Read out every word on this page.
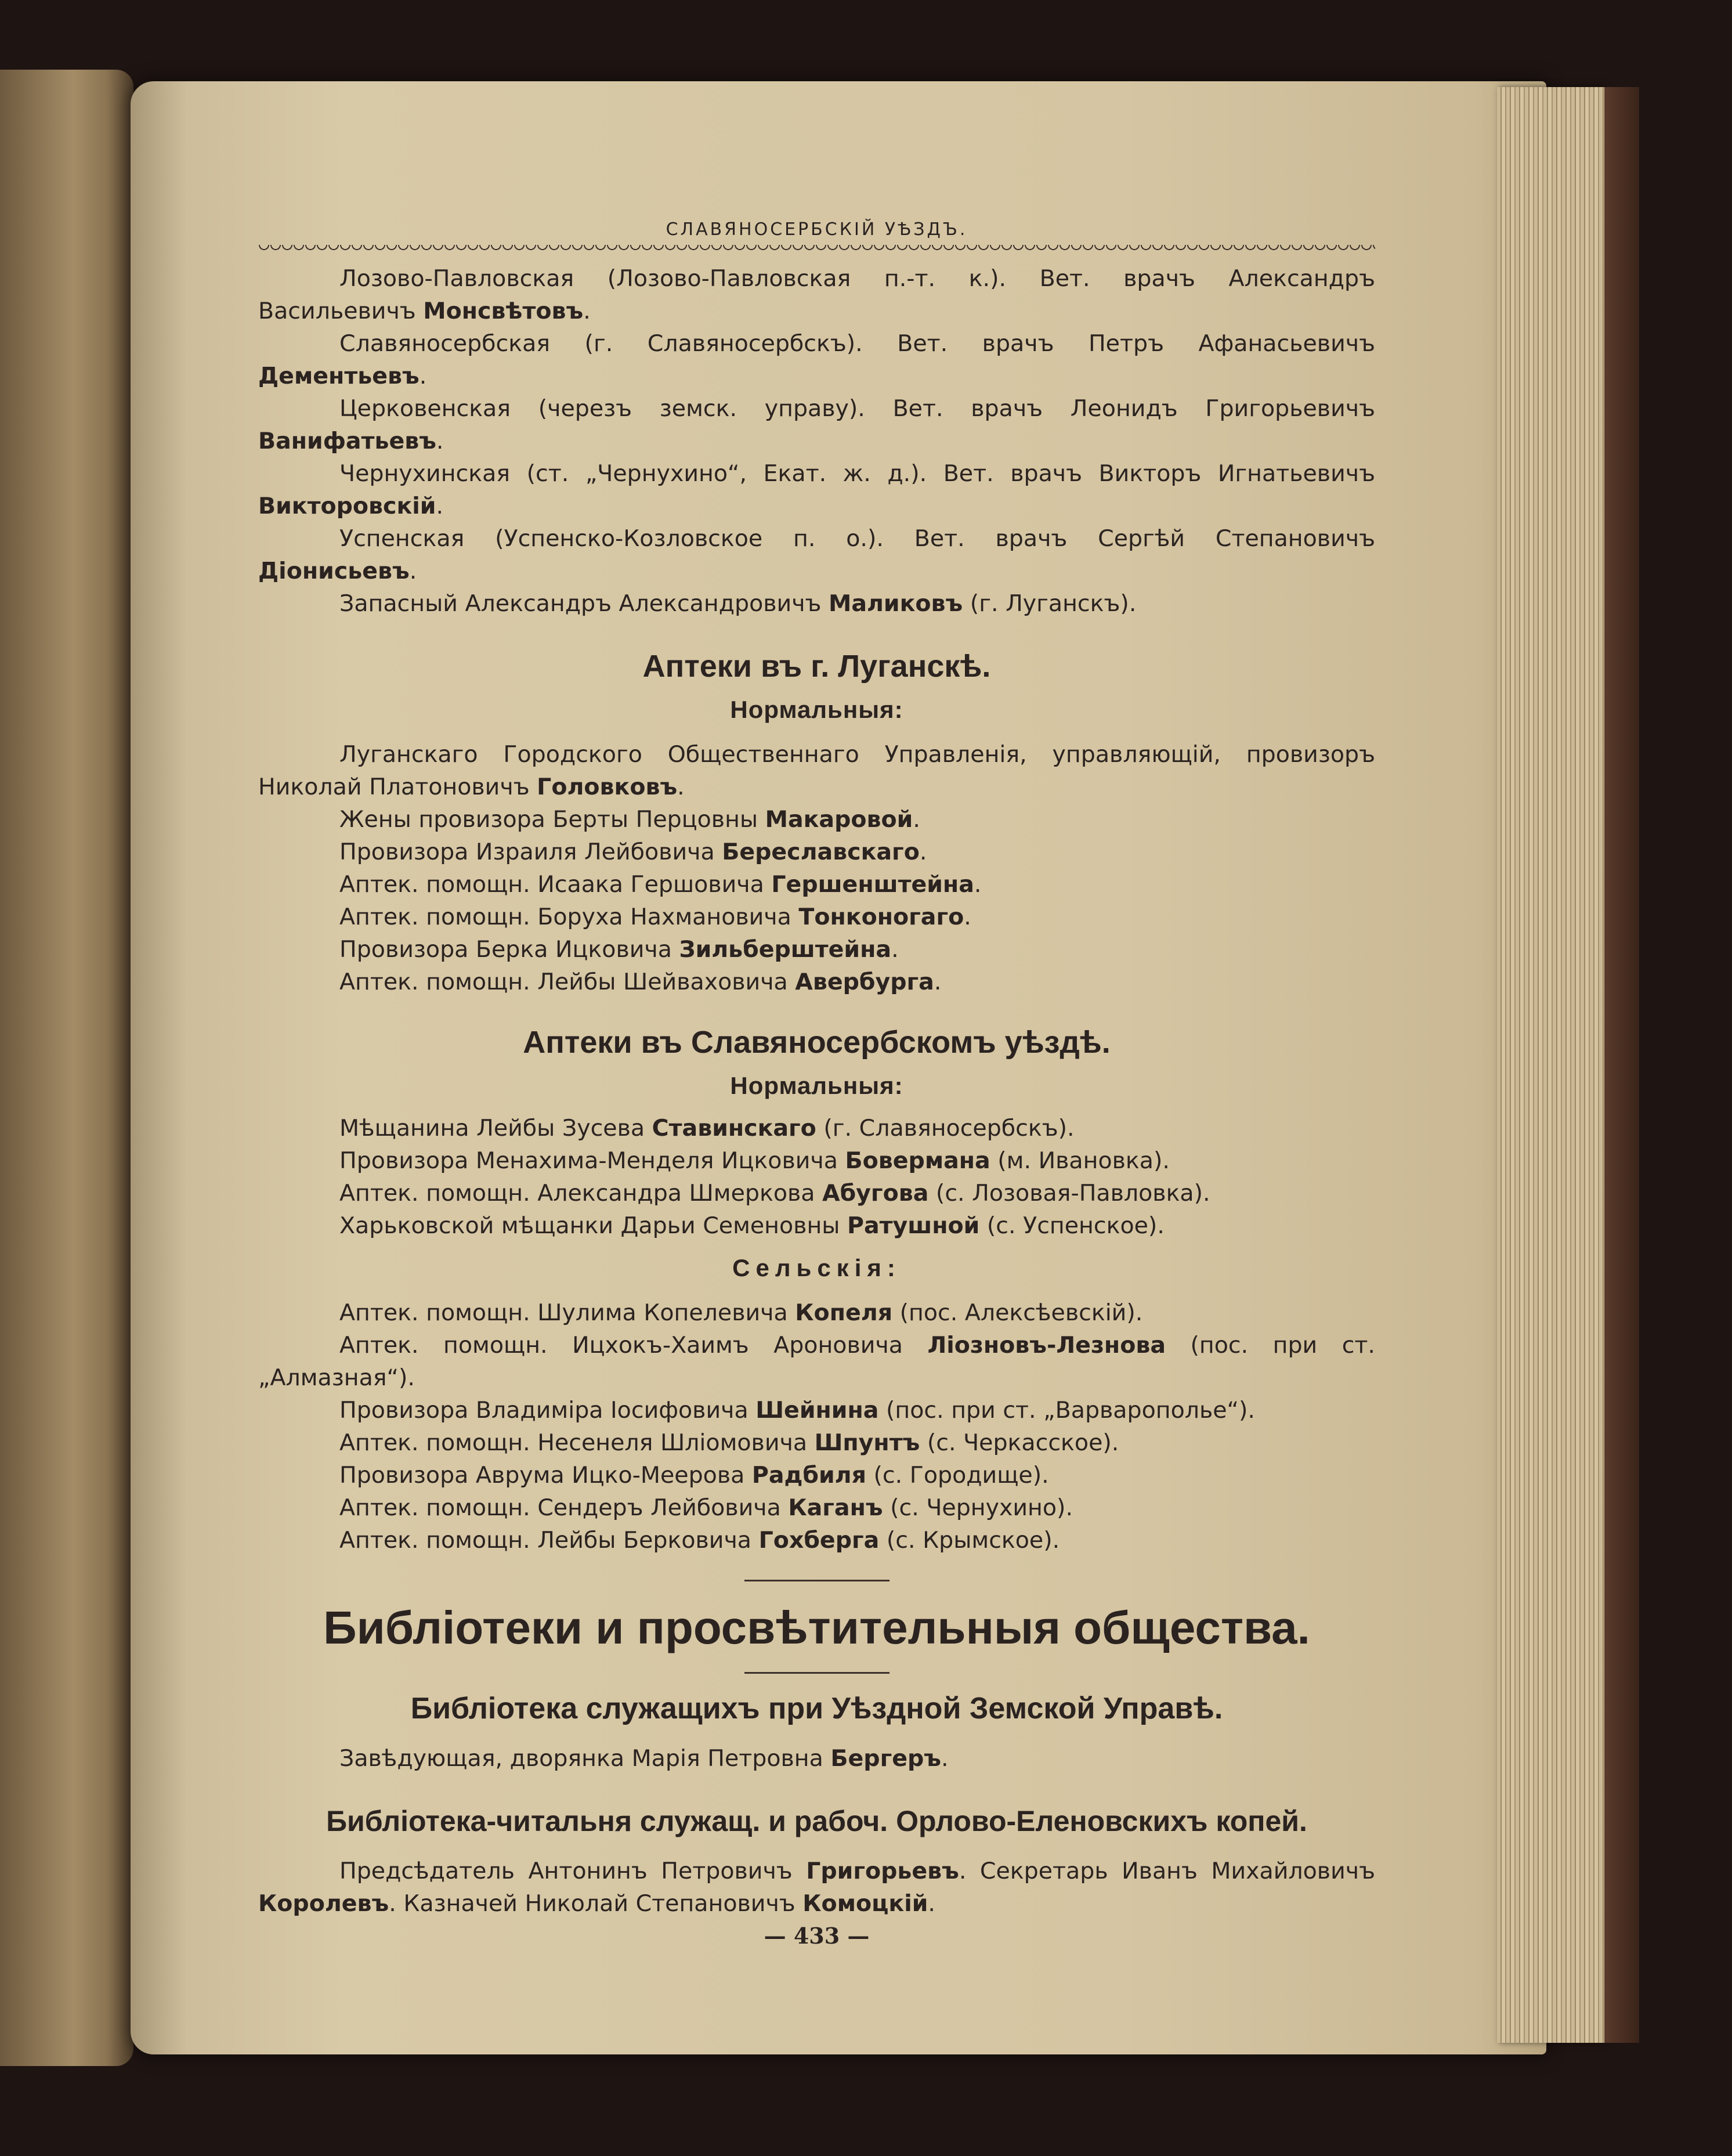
СЛАВЯНОСЕРБСКІЙ УѢЗДЪ.

Лозово-Павловская (Лозово-Павловская п.-т. к.). Вет. врачъ Александръ Васильевичъ Монсвѣтовъ.

Славяносербская (г. Славяносербскъ). Вет. врачъ Петръ Афанасьевичъ Дементьевъ.

Церковенская (черезъ земск. управу). Вет. врачъ Леонидъ Григорьевичъ Ванифатьевъ.

Чернухинская (ст. „Чернухино“, Екат. ж. д.). Вет. врачъ Викторъ Игнатьевичъ Викторовскій.

Успенская (Успенско-Козловское п. о.). Вет. врачъ Сергѣй Степановичъ Діонисьевъ.

Запасный Александръ Александровичъ Маликовъ (г. Луганскъ).

Аптеки въ г. Луганскѣ.
Нормальныя:

Луганскаго Городского Общественнаго Управленія, управляющій, провизоръ Николай Платоновичъ Головковъ.

Жены провизора Берты Перцовны Макаровой.

Провизора Израиля Лейбовича Береславскаго.

Аптек. помощн. Исаака Гершовича Гершенштейна.

Аптек. помощн. Боруха Нахмановича Тонконогаго.

Провизора Берка Ицковича Зильберштейна.

Аптек. помощн. Лейбы Шейваховича Авербурга.

Аптеки въ Славяносербскомъ уѣздѣ.
Нормальныя:

Мѣщанина Лейбы Зусева Ставинскаго (г. Славяносербскъ).

Провизора Менахима-Менделя Ицковича Бовермана (м. Ивановка).

Аптек. помощн. Александра Шмеркова Абугова (с. Лозовая-Павловка).

Харьковской мѣщанки Дарьи Семеновны Ратушной (с. Успенское).

Сельскія:

Аптек. помощн. Шулима Копелевича Копеля (пос. Алексѣевскій).

Аптек. помощн. Ицхокъ-Хаимъ Ароновича Ліозновъ-Лезнова (пос. при ст. „Алмазная“).

Провизора Владиміра Іосифовича Шейнина (пос. при ст. „Варваропольe“).

Аптек. помощн. Несенеля Шліомовича Шпунтъ (с. Черкасское).

Провизора Аврума Ицко-Меерова Радбиля (с. Городище).

Аптек. помощн. Сендеръ Лейбовича Каганъ (с. Чернухино).

Аптек. помощн. Лейбы Берковича Гохберга (с. Крымское).

Библіотеки и просвѣтительныя общества.
Библіотека служащихъ при Уѣздной Земской Управѣ.

Завѣдующая, дворянка Марія Петровна Бергеръ.

Библіотека-читальня служащ. и рабоч. Орлово-Еленовскихъ копей.

Предсѣдатель Антонинъ Петровичъ Григорьевъ. Секретарь Иванъ Михайловичъ Королевъ. Казначей Николай Степановичъ Комоцкій.

— 433 —
